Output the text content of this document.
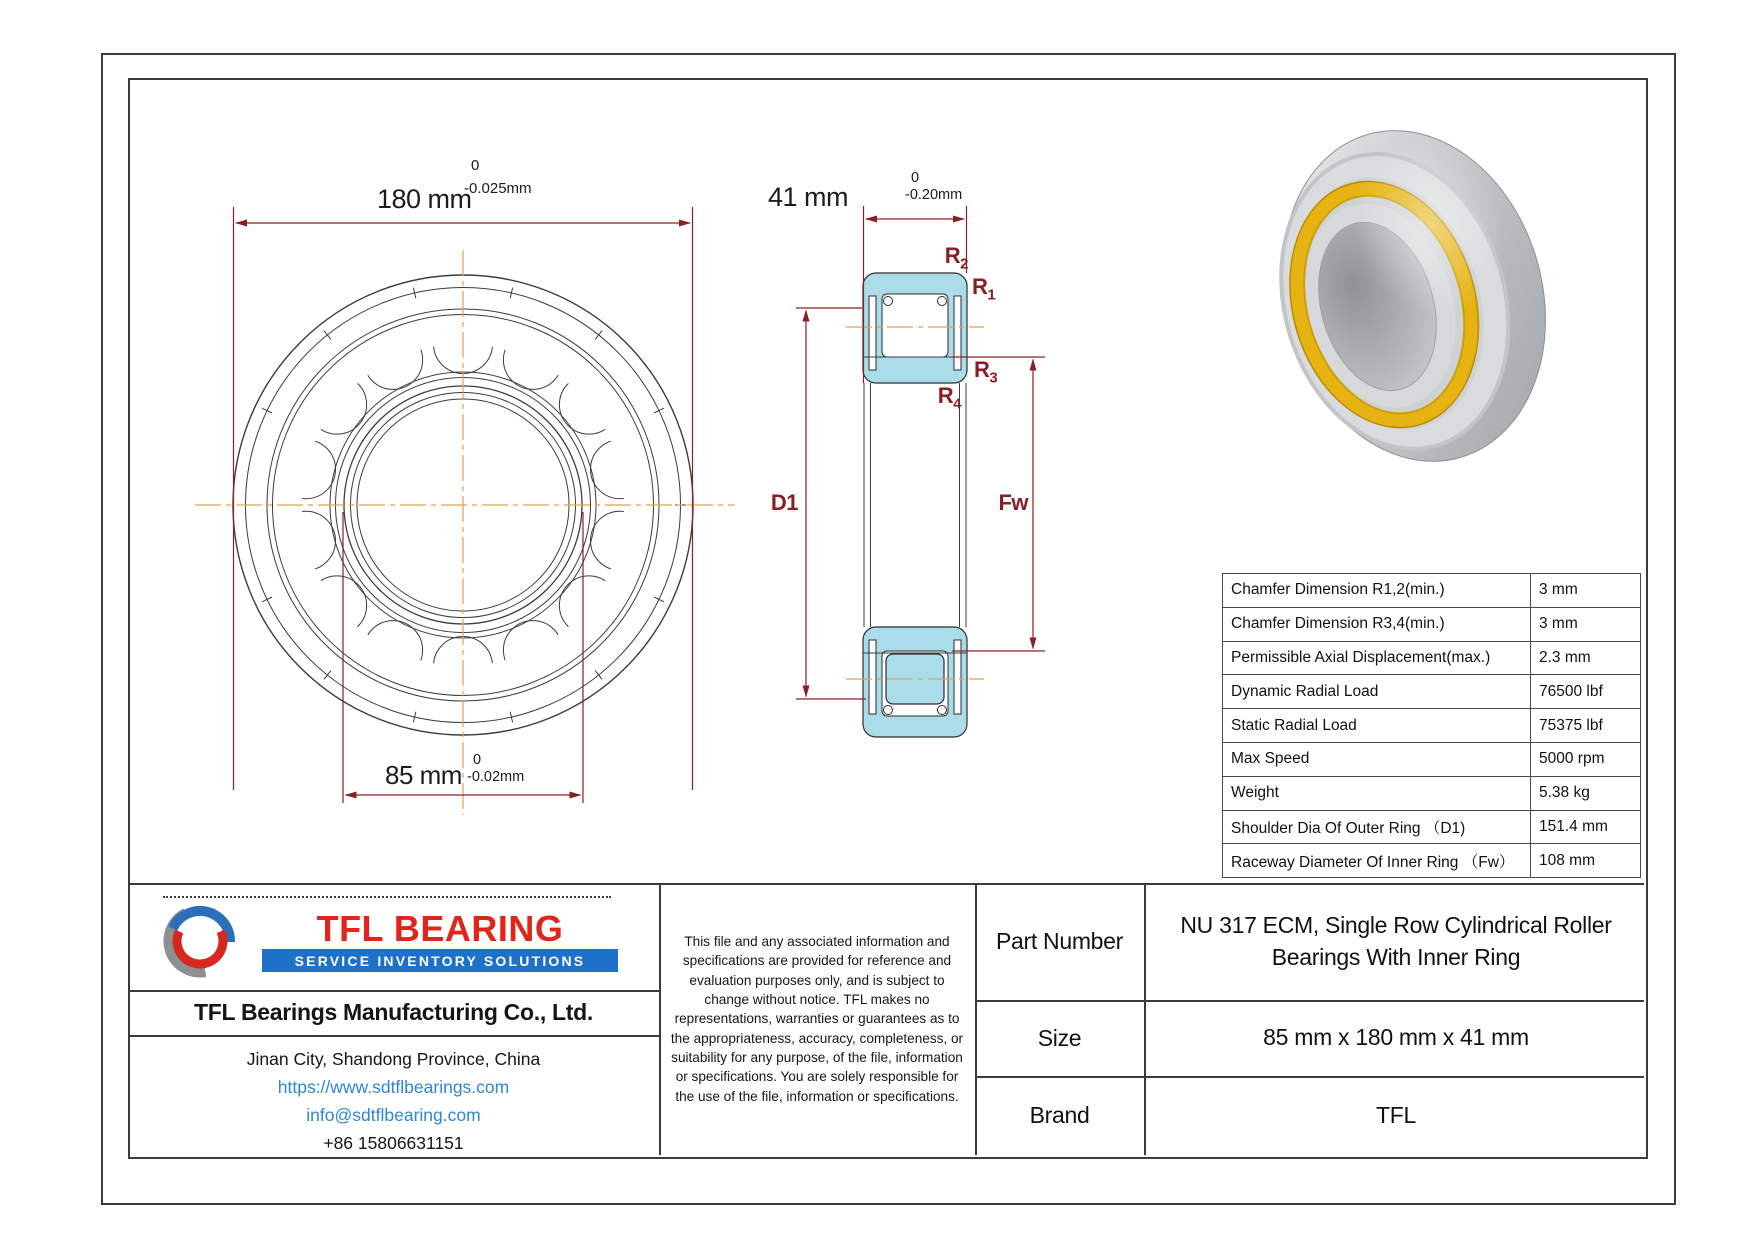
180 mm
0
-0.025mm	41 mm
0
-0.20mm
85 mm 0
-0.02mm
$R_2$
$R_1$
$R_3$
$R_4$
D1	Fw
Chamfer Dimension R1,2(min.)	3 mm
Chamfer Dimension R3,4(min.)	3 mm
Permissible Axial Displacement(max.)	2.3 mm
Dynamic Radial Load	76500 lbf
Static Radial Load	75375 lbf
Max Speed	5000 rpm
Weight	5.38 kg
Shoulder Dia Of Outer Ring （D1)	151.4 mm
Raceway Diameter Of Inner Ring （Fw）	108 mm
TFL BEARING
SERVICE INVENTORY SOLUTIONS
TFL Bearings Manufacturing Co., Ltd.
Jinan City, Shandong Province, China
https://www.sdtflbearings.com
info@sdtflbearing.com
+86 15806631151
This file and any associated information and specifications are provided for reference and evaluation purposes only, and is subject to change without notice. TFL makes no representations, warranties or guarantees as to the appropriateness, accuracy, completeness, or suitability for any purpose, of the file, information or specifications. You are solely responsible for the use of the file, information or specifications.
Part Number
NU 317 ECM, Single Row Cylindrical Roller Bearings With Inner Ring
Size	85 mm x 180 mm x 41 mm
Brand	TFL
